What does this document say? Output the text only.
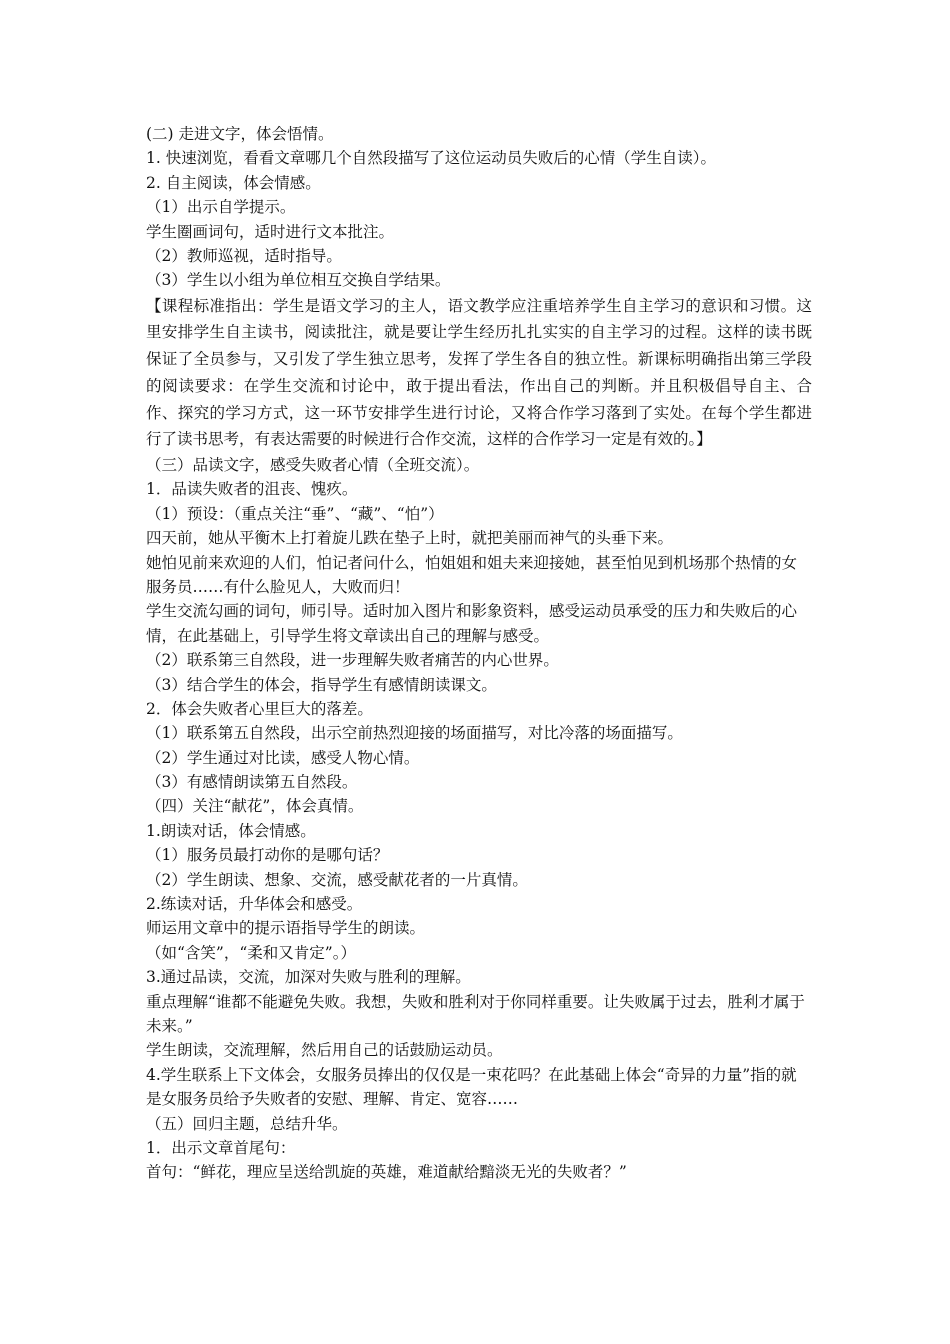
(二) 走进文字，体会悟情。
1. 快速浏览，看看文章哪几个自然段描写了这位运动员失败后的心情（学生自读）。
2. 自主阅读，体会情感。
（1）出示自学提示。
学生圈画词句，适时进行文本批注。
（2）教师巡视，适时指导。
（3）学生以小组为单位相互交换自学结果。
【课程标准指出：学生是语文学习的主人，语文教学应注重培养学生自主学习的意识和习惯。这里安排学生自主读书，阅读批注，就是要让学生经历扎扎实实的自主学习的过程。这样的读书既保证了全员参与，又引发了学生独立思考，发挥了学生各自的独立性。新课标明确指出第三学段的阅读要求：在学生交流和讨论中，敢于提出看法，作出自己的判断。并且积极倡导自主、合作、探究的学习方式，这一环节安排学生进行讨论，又将合作学习落到了实处。在每个学生都进行了读书思考，有表达需要的时候进行合作交流，这样的合作学习一定是有效的。】
（三）品读文字，感受失败者心情（全班交流）。
1．品读失败者的沮丧、愧疚。
（1）预设：（重点关注“垂”、“藏”、“怕”）
四天前，她从平衡木上打着旋儿跌在垫子上时，就把美丽而神气的头垂下来。
她怕见前来欢迎的人们，怕记者问什么，怕姐姐和姐夫来迎接她，甚至怕见到机场那个热情的女服务员……有什么脸见人，大败而归！
学生交流勾画的词句，师引导。适时加入图片和影象资料，感受运动员承受的压力和失败后的心情，在此基础上，引导学生将文章读出自己的理解与感受。
（2）联系第三自然段，进一步理解失败者痛苦的内心世界。
（3）结合学生的体会，指导学生有感情朗读课文。
2．体会失败者心里巨大的落差。
（1）联系第五自然段，出示空前热烈迎接的场面描写，对比冷落的场面描写。
（2）学生通过对比读，感受人物心情。
（3）有感情朗读第五自然段。
（四）关注“献花”，体会真情。
1.朗读对话，体会情感。
（1）服务员最打动你的是哪句话？
（2）学生朗读、想象、交流，感受献花者的一片真情。
2.练读对话，升华体会和感受。
师运用文章中的提示语指导学生的朗读。
（如“含笑”，“柔和又肯定”。）
3.通过品读，交流，加深对失败与胜利的理解。
重点理解“谁都不能避免失败。我想，失败和胜利对于你同样重要。让失败属于过去，胜利才属于未来。”
学生朗读，交流理解，然后用自己的话鼓励运动员。
4.学生联系上下文体会，女服务员捧出的仅仅是一束花吗？在此基础上体会“奇异的力量”指的就是女服务员给予失败者的安慰、理解、肯定、宽容……
（五）回归主题，总结升华。
1．出示文章首尾句：
首句：“鲜花，理应呈送给凯旋的英雄，难道献给黯淡无光的失败者？”
